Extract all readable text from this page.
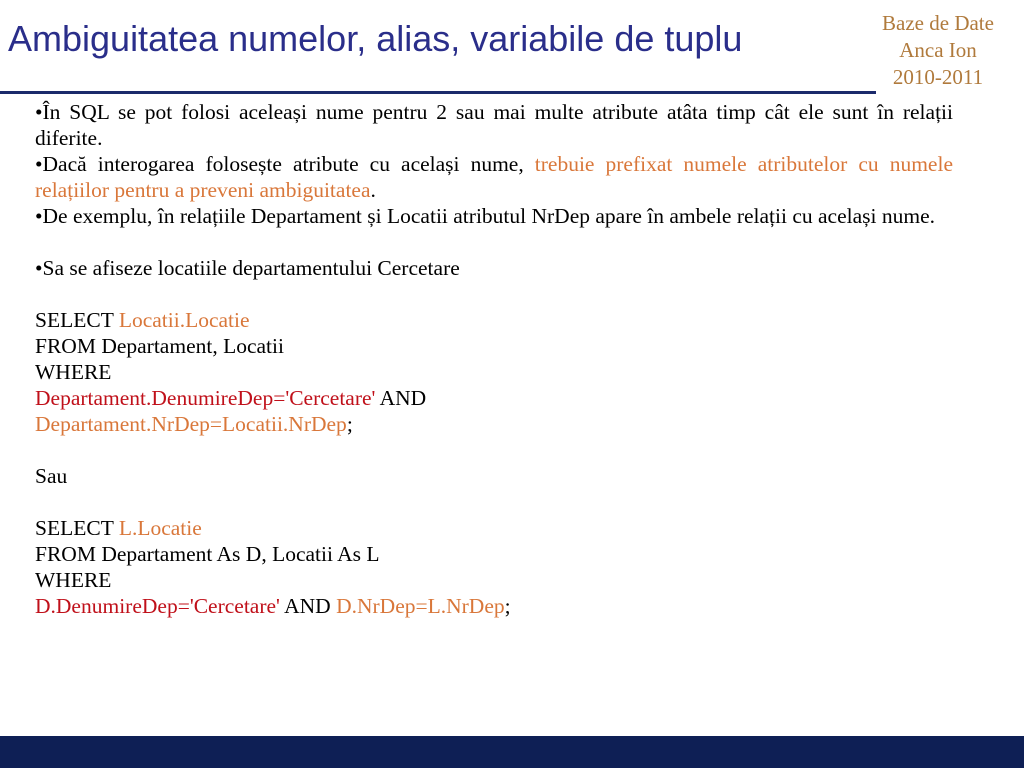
Ambiguitatea numelor, alias, variabile de tuplu	Baze de Date
Anca Ion
2010-2011

•În SQL se pot folosi aceleași nume pentru 2 sau mai multe atribute atâta timp cât ele sunt în relații diferite.

•Dacă interogarea folosește atribute cu același nume, trebuie prefixat numele atributelor cu numele relațiilor pentru a preveni ambiguitatea.

•De exemplu, în relațiile Departament și Locatii atributul NrDep apare în ambele relații cu același nume.

•Sa se afiseze locatiile departamentului Cercetare

SELECT Locatii.Locatie

FROM Departament, Locatii

WHERE

Departament.DenumireDep='Cercetare' AND

Departament.NrDep=Locatii.NrDep;

Sau

SELECT L.Locatie

FROM Departament As D, Locatii As L

WHERE

D.DenumireDep='Cercetare' AND D.NrDep=L.NrDep;
